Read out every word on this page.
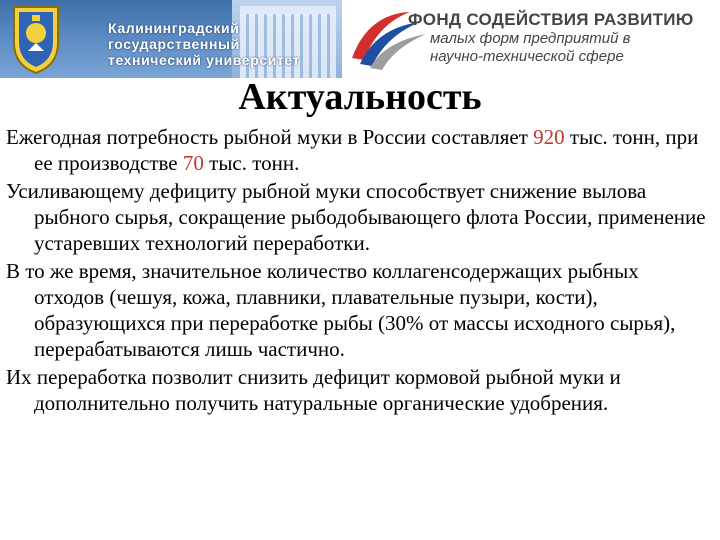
Калининградский
государственный
технический университет
ФОНД СОДЕЙСТВИЯ РАЗВИТИЮ
малых форм предприятий в
научно-технической сфере
Актуальность

Ежегодная потребность рыбной муки в России составляет 920 тыс. тонн, при ее производстве 70 тыс. тонн.

Усиливающему дефициту рыбной муки способствует снижение вылова рыбного сырья, сокращение рыбодобывающего флота России, применение устаревших технологий переработки.

В то же время, значительное количество коллагенсодержащих рыбных отходов (чешуя, кожа, плавники, плавательные пузыри, кости), образующихся при переработке рыбы (30% от массы исходного сырья), перерабатываются лишь частично.

Их переработка позволит снизить дефицит кормовой рыбной муки и дополнительно получить натуральные органические удобрения.
